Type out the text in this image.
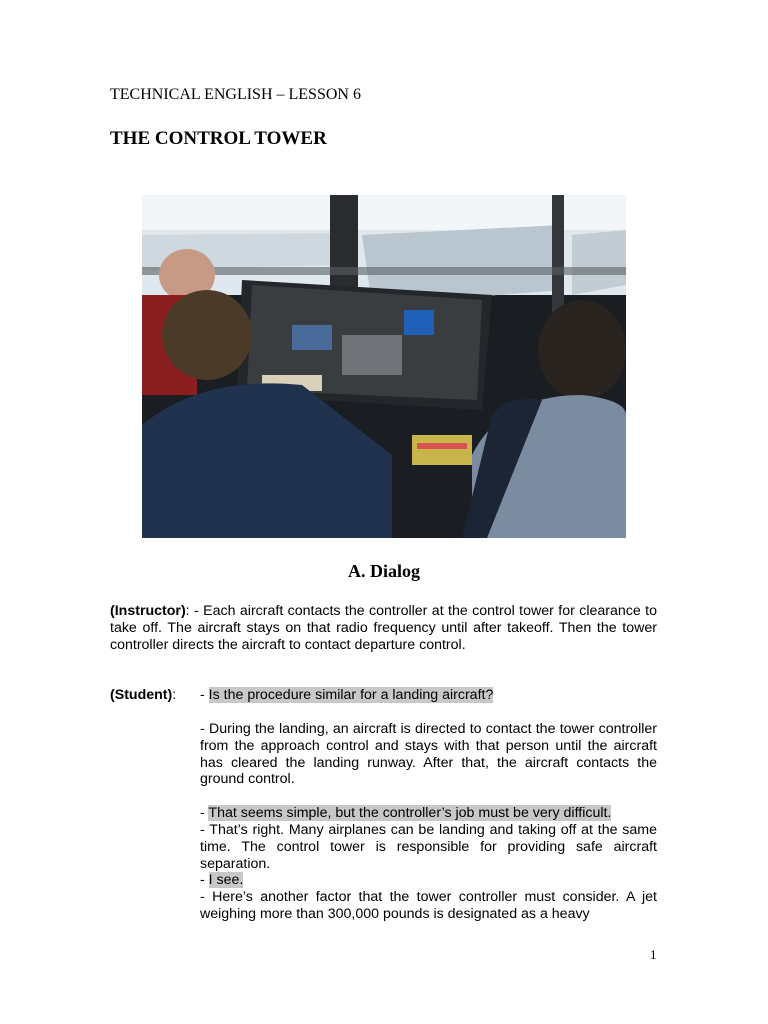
TECHNICAL ENGLISH – LESSON 6
THE CONTROL TOWER
A. Dialog
(Instructor): - Each aircraft contacts the controller at the control tower for clearance to take off. The aircraft stays on that radio frequency until after takeoff. Then the tower controller directs the aircraft to contact departure control.
(Student): - Is the procedure similar for a landing aircraft?
- During the landing, an aircraft is directed to contact the tower controller from the approach control and stays with that person until the aircraft has cleared the landing runway. After that, the aircraft contacts the ground control.
- That seems simple, but the controller’s job must be very difficult.
- That’s right. Many airplanes can be landing and taking off at the same time. The control tower is responsible for providing safe aircraft separation.
- I see.
- Here’s another factor that the tower controller must consider. A jet weighing more than 300,000 pounds is designated as a heavy
1
